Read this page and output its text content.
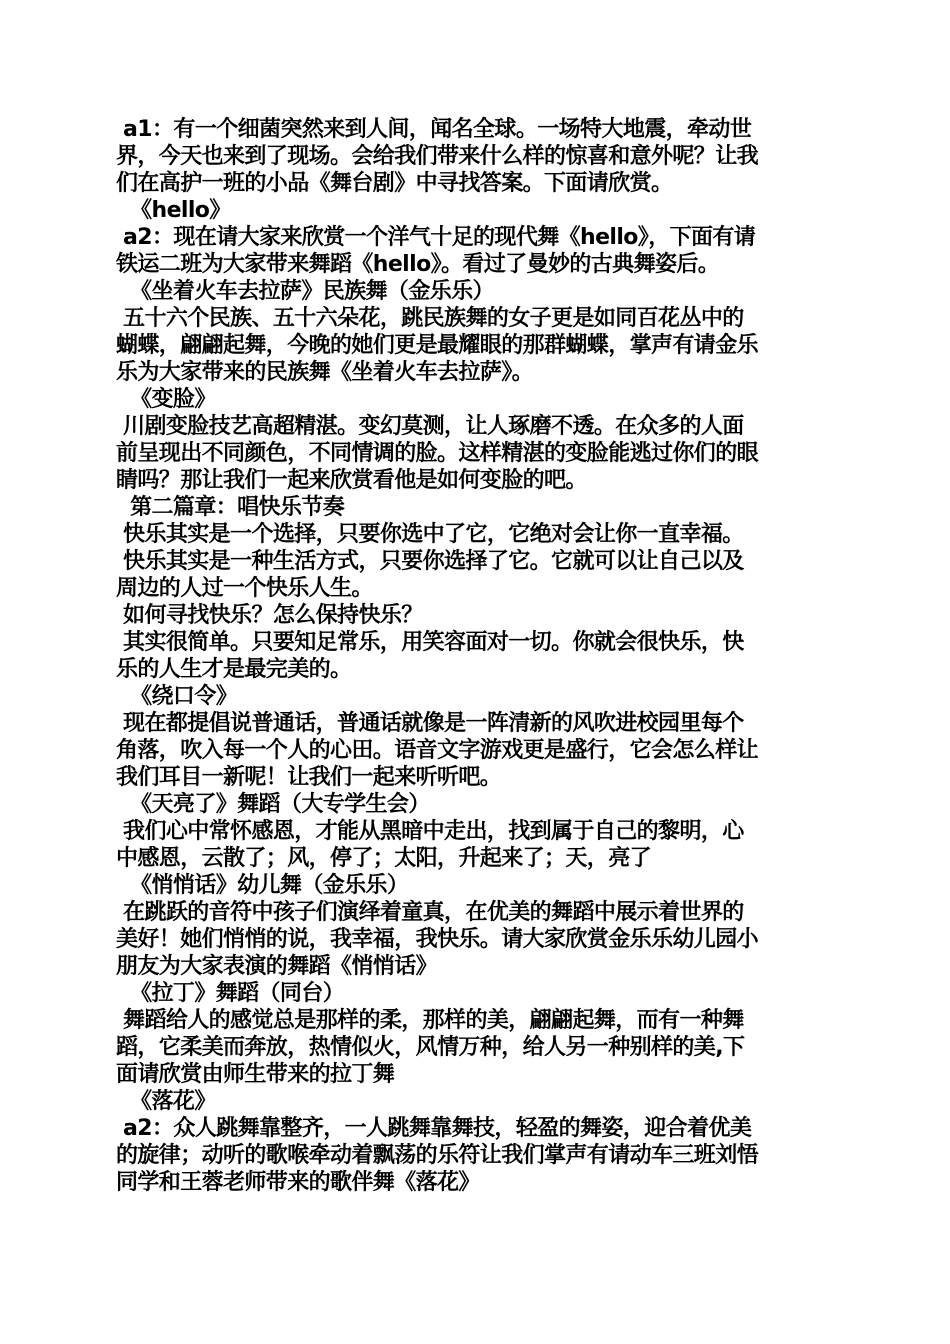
a1：有一个细菌突然来到人间，闻名全球。一场特大地震，牵动世
界，今天也来到了现场。会给我们带来什么样的惊喜和意外呢？让我
们在高护一班的小品《舞台剧》中寻找答案。下面请欣赏。
《hello》
a2：现在请大家来欣赏一个洋气十足的现代舞《hello》，下面有请
铁运二班为大家带来舞蹈《hello》。看过了曼妙的古典舞姿后。
《坐着火车去拉萨》民族舞（金乐乐）
五十六个民族、五十六朵花，跳民族舞的女子更是如同百花丛中的
蝴蝶，翩翩起舞，今晚的她们更是最耀眼的那群蝴蝶，掌声有请金乐
乐为大家带来的民族舞《坐着火车去拉萨》。
《变脸》
川剧变脸技艺高超精湛。变幻莫测，让人琢磨不透。在众多的人面
前呈现出不同颜色，不同情调的脸。这样精湛的变脸能逃过你们的眼
睛吗？那让我们一起来欣赏看他是如何变脸的吧。
第二篇章：唱快乐节奏
快乐其实是一个选择，只要你选中了它，它绝对会让你一直幸福。
快乐其实是一种生活方式，只要你选择了它。它就可以让自己以及
周边的人过一个快乐人生。
如何寻找快乐？怎么保持快乐？
其实很简单。只要知足常乐，用笑容面对一切。你就会很快乐，快
乐的人生才是最完美的。
《绕口令》
现在都提倡说普通话，普通话就像是一阵清新的风吹进校园里每个
角落，吹入每一个人的心田。语音文字游戏更是盛行，它会怎么样让
我们耳目一新呢！让我们一起来听听吧。
《天亮了》舞蹈（大专学生会）
我们心中常怀感恩，才能从黑暗中走出，找到属于自己的黎明，心
中感恩，云散了；风，停了；太阳，升起来了；天，亮了
《悄悄话》幼儿舞（金乐乐）
在跳跃的音符中孩子们演绎着童真，在优美的舞蹈中展示着世界的
美好！她们悄悄的说，我幸福，我快乐。请大家欣赏金乐乐幼儿园小
朋友为大家表演的舞蹈《悄悄话》
《拉丁》舞蹈（同台）
舞蹈给人的感觉总是那样的柔，那样的美，翩翩起舞，而有一种舞
蹈，它柔美而奔放，热情似火，风情万种，给人另一种别样的美,下
面请欣赏由师生带来的拉丁舞
《落花》
a2：众人跳舞靠整齐，一人跳舞靠舞技，轻盈的舞姿，迎合着优美
的旋律；动听的歌喉牵动着飘荡的乐符让我们掌声有请动车三班刘悟
同学和王蓉老师带来的歌伴舞《落花》
